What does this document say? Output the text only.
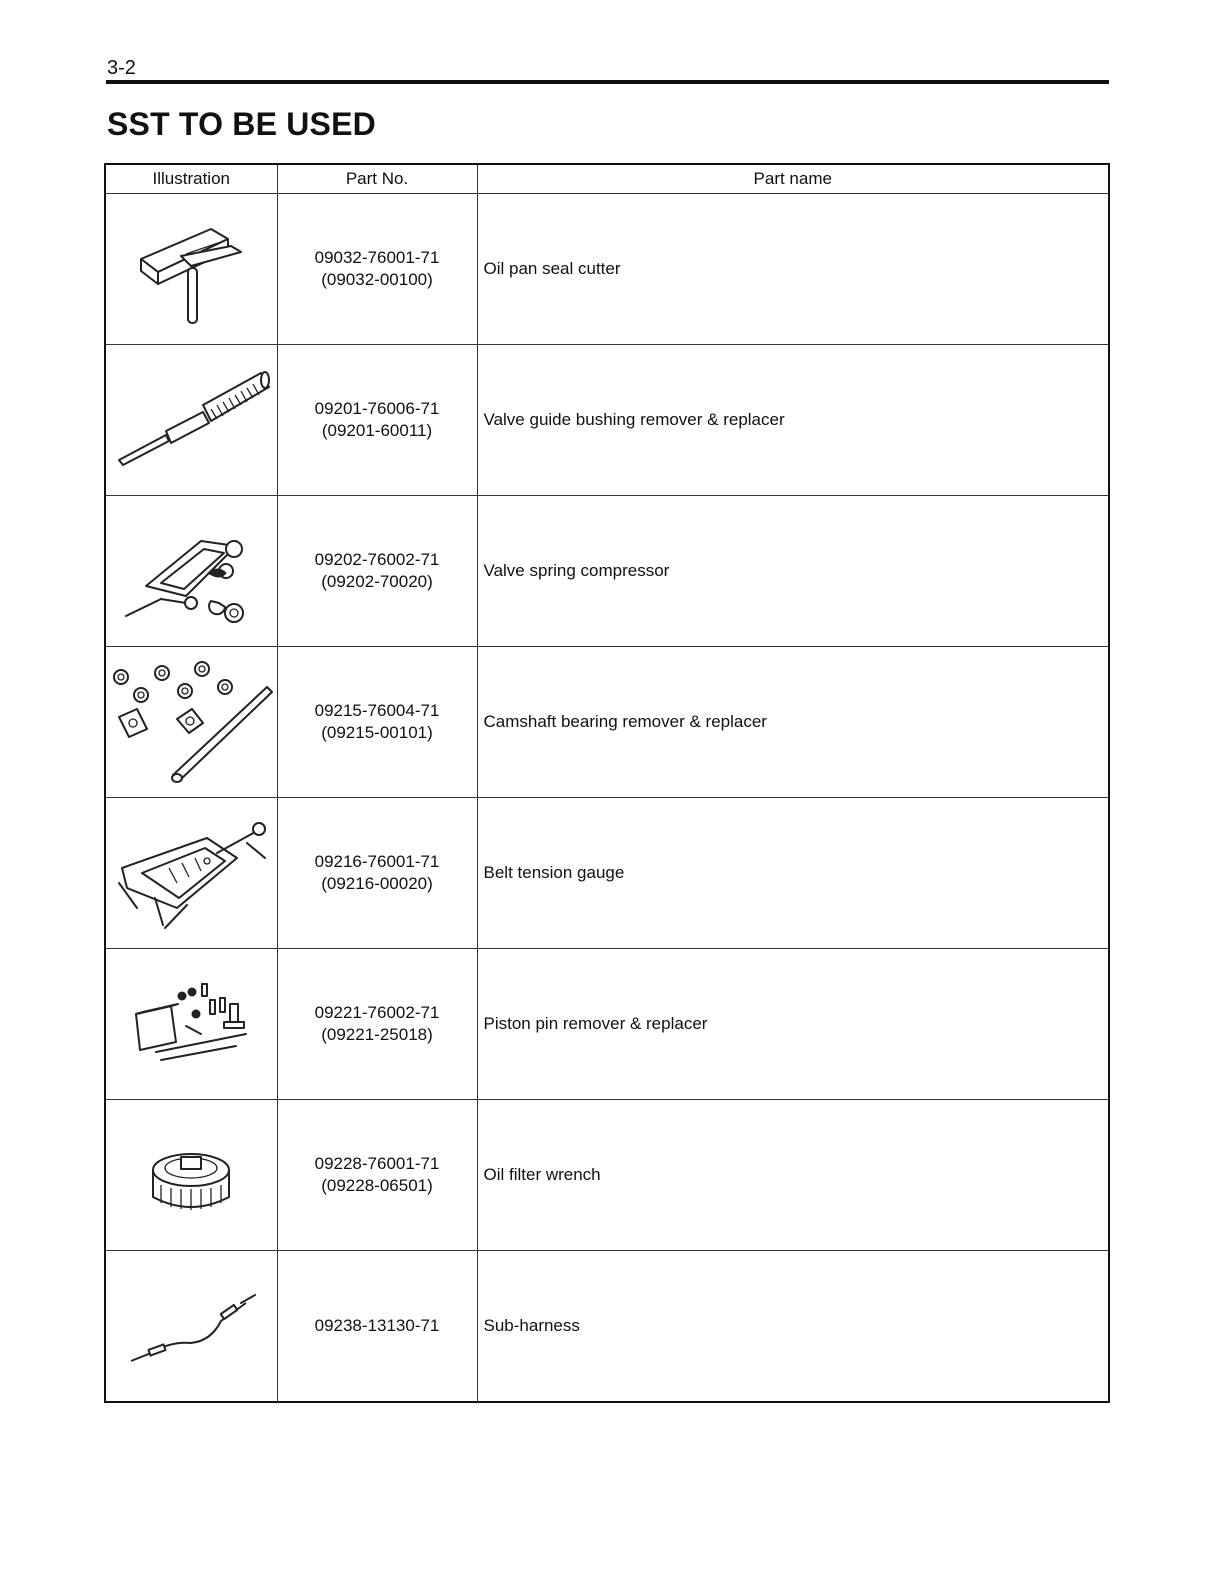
3-2
SST TO BE USED
Illustration	Part No.	Part name

09032-76001-71
(09032-00100)	Oil pan seal cutter

09201-76006-71
(09201-60011)	Valve guide bushing remover & replacer

09202-76002-71
(09202-70020)	Valve spring compressor

09215-76004-71
(09215-00101)	Camshaft bearing remover & replacer

09216-76001-71
(09216-00020)	Belt tension gauge

09221-76002-71
(09221-25018)	Piston pin remover & replacer

09228-76001-71
(09228-06501)	Oil filter wrench

09238-13130-71	Sub-harness
